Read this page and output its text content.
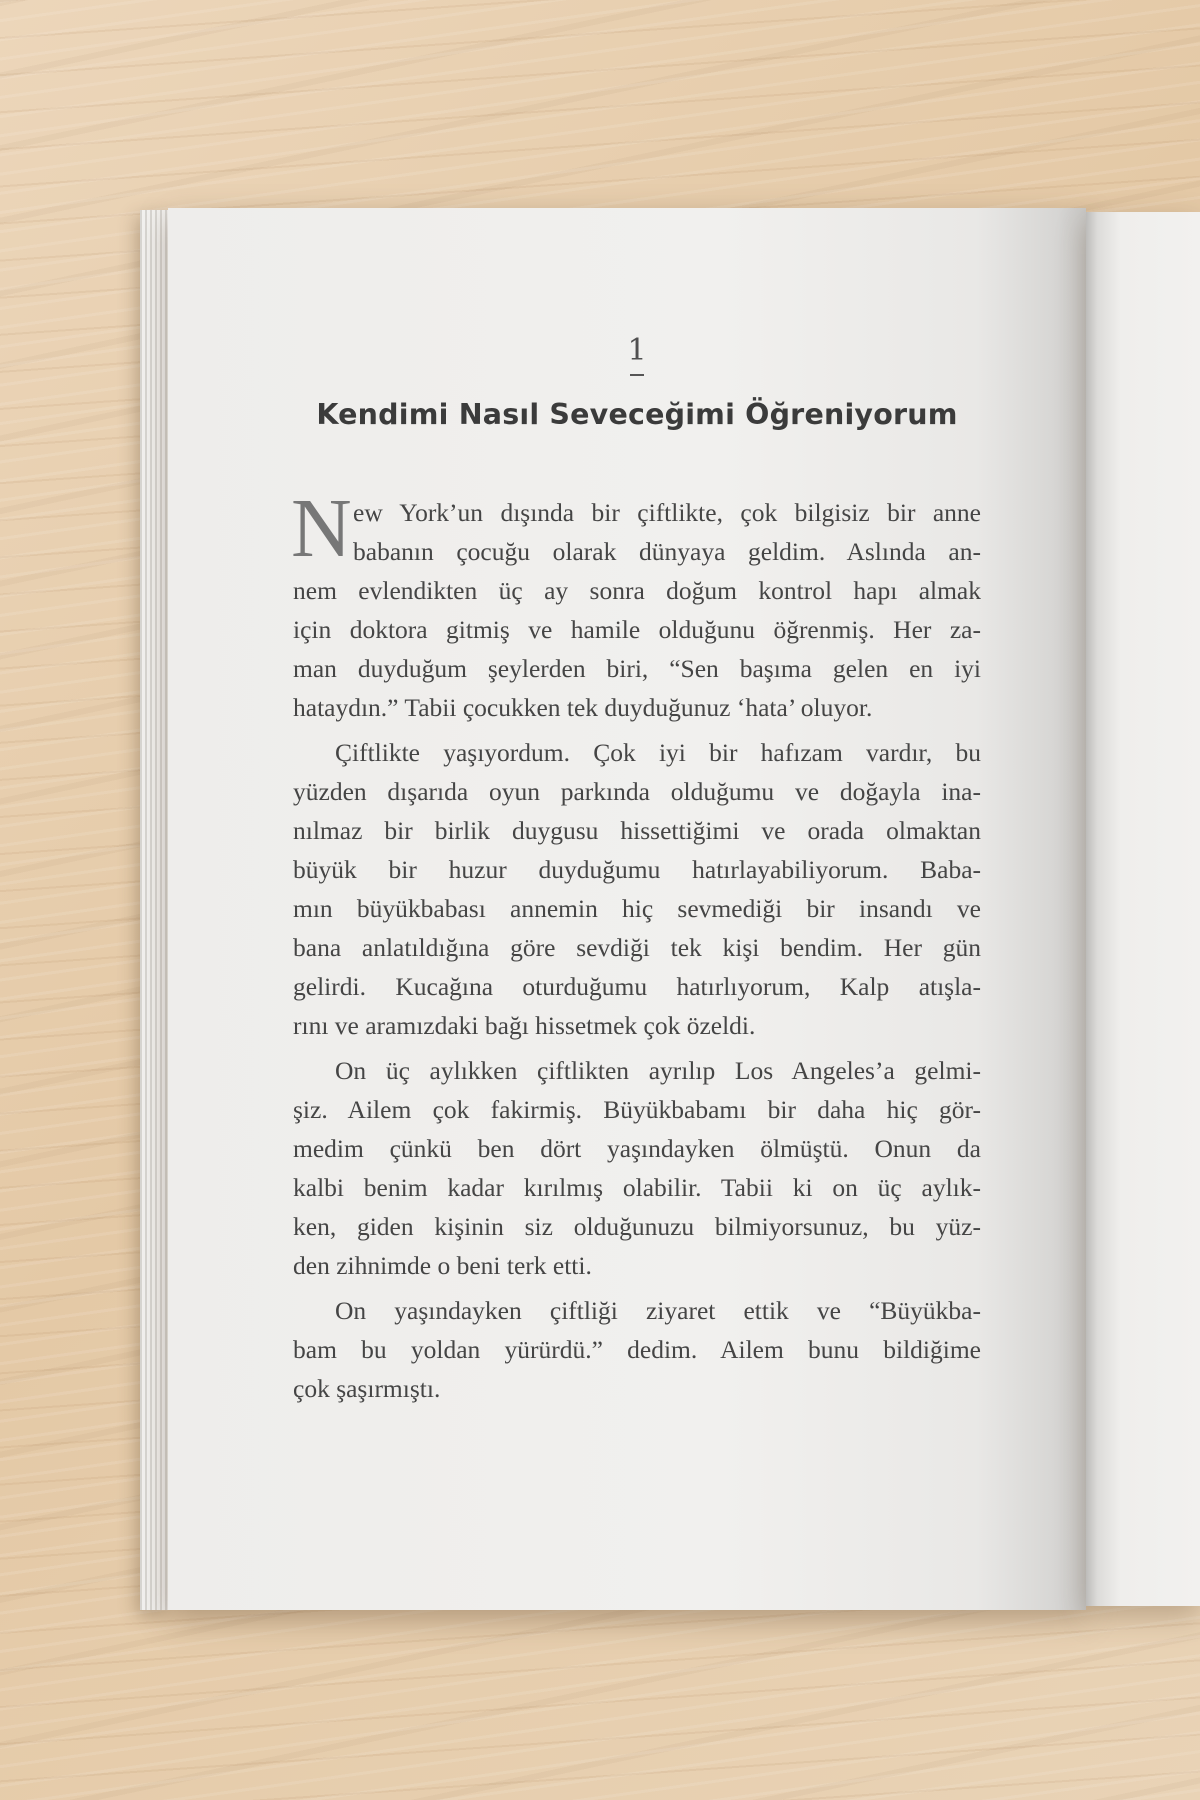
1
Kendimi Nasıl Seveceğimi Öğreniyorum

N ew York’un dışında bir çiftlikte, çok bilgisiz bir anne
babanın çocuğu olarak dünyaya geldim. Aslında an-
nem evlendikten üç ay sonra doğum kontrol hapı almak
için doktora gitmiş ve hamile olduğunu öğrenmiş. Her za-
man duyduğum şeylerden biri, “Sen başıma gelen en iyi
hataydın.” Tabii çocukken tek duyduğunuz ‘hata’ oluyor.

Çiftlikte yaşıyordum. Çok iyi bir hafızam vardır, bu
yüzden dışarıda oyun parkında olduğumu ve doğayla ina-
nılmaz bir birlik duygusu hissettiğimi ve orada olmaktan
büyük bir huzur duyduğumu hatırlayabiliyorum. Baba-
mın büyükbabası annemin hiç sevmediği bir insandı ve
bana anlatıldığına göre sevdiği tek kişi bendim. Her gün
gelirdi. Kucağına oturduğumu hatırlıyorum, Kalp atışla-
rını ve aramızdaki bağı hissetmek çok özeldi.

On üç aylıkken çiftlikten ayrılıp Los Angeles’a gelmi-
şiz. Ailem çok fakirmiş. Büyükbabamı bir daha hiç gör-
medim çünkü ben dört yaşındayken ölmüştü. Onun da
kalbi benim kadar kırılmış olabilir. Tabii ki on üç aylık-
ken, giden kişinin siz olduğunuzu bilmiyorsunuz, bu yüz-
den zihnimde o beni terk etti.

On yaşındayken çiftliği ziyaret ettik ve “Büyükba-
bam bu yoldan yürürdü.” dedim. Ailem bunu bildiğime
çok şaşırmıştı.
